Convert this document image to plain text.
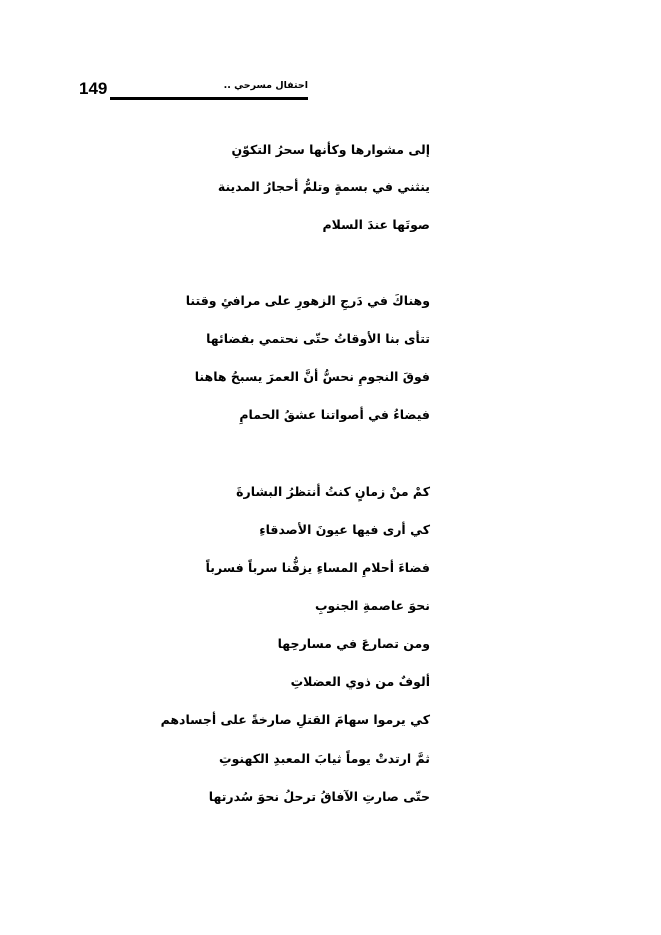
149	احتفال مسرحي ..
إلى مشوارها وكأنها سحرُ التكوّنِ
ينثني في بسمةٍ وتلمُّ أحجارُ المدينة
صوتَها عندَ السلام
وهناكَ في دَرجِ الزهورِ على مرافئِ وقتنا
تتأى بنا الأوقاتُ حتّى نحتمي بفضائها
فوقَ النجومِ نحسُّ أنَّ العمرَ يسبحُ هاهنا
فيضاءُ في أصواتنا عشقُ الحمامِ
كمْ منْ زمانٍ كنتُ أنتظرُ البشارةَ
كي أرى فيها عيونَ الأصدقاءِ
فضاءَ أحلامِ المساءِ يزفُّنا سرباً فسرباً
نحوَ عاصمةِ الجنوبِ
ومن تصارعَ في مسارحِها
ألوفٌ من ذوي العضلاتِ
كي يرموا سهامَ القتلِ صارخةً على أجسادهم
ثمَّ ارتدتْ يوماً ثيابَ المعبدِ الكهنوتِ
حتّى صارتِ الآفاقُ ترحلُ نحوَ سُدرتها
